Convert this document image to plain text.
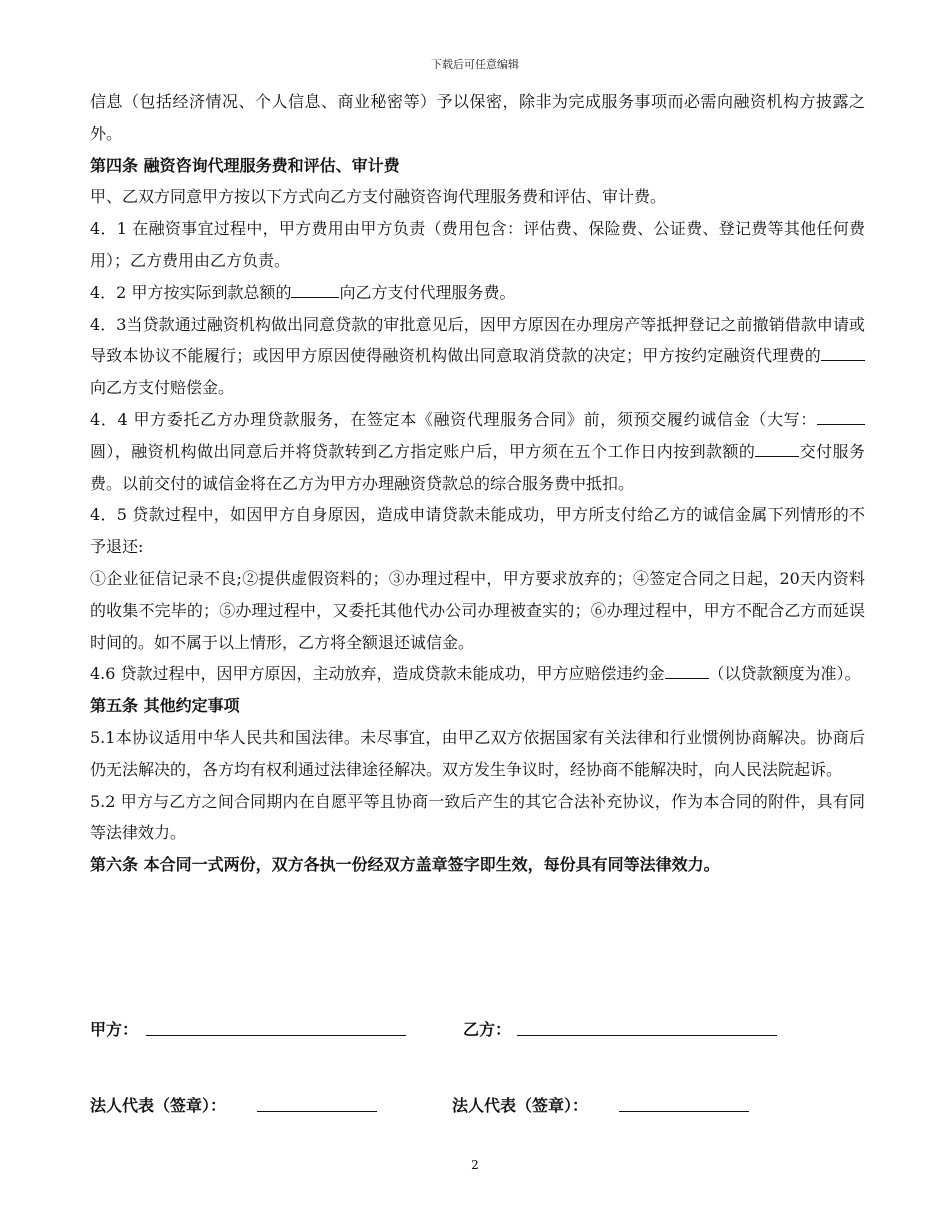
下载后可任意编辑

信息（包括经济情况、个人信息、商业秘密等）予以保密，除非为完成服务事项而必需向融资机构方披露之外。

第四条 融资咨询代理服务费和评估、审计费

甲、乙双方同意甲方按以下方式向乙方支付融资咨询代理服务费和评估、审计费。

4．1 在融资事宜过程中，甲方费用由甲方负责（费用包含：评估费、保险费、公证费、登记费等其他任何费用）；乙方费用由乙方负责。

4．2 甲方按实际到款总额的	向乙方支付代理服务费。

4．3当贷款通过融资机构做出同意贷款的审批意见后，因甲方原因在办理房产等抵押登记之前撤销借款申请或导致本协议不能履行；或因甲方原因使得融资机构做出同意取消贷款的决定；甲方按约定融资代理费的向乙方支付赔偿金。

4．4 甲方委托乙方办理贷款服务，在签定本《融资代理服务合同》前，须预交履约诚信金（大写：圆），融资机构做出同意后并将贷款转到乙方指定账户后，甲方须在五个工作日内按到款额的	交付服务费。以前交付的诚信金将在乙方为甲方办理融资贷款总的综合服务费中抵扣。

4．5 贷款过程中，如因甲方自身原因，造成申请贷款未能成功，甲方所支付给乙方的诚信金属下列情形的不予退还:

①企业征信记录不良;②提供虚假资料的；③办理过程中，甲方要求放弃的；④签定合同之日起，20天内资料的收集不完毕的；⑤办理过程中，又委托其他代办公司办理被查实的；⑥办理过程中，甲方不配合乙方而延误时间的。如不属于以上情形，乙方将全额退还诚信金。

4.6 贷款过程中，因甲方原因，主动放弃，造成贷款未能成功，甲方应赔偿违约金	（以贷款额度为准）。

第五条 其他约定事项

5.1本协议适用中华人民共和国法律。未尽事宜，由甲乙双方依据国家有关法律和行业惯例协商解决。协商后仍无法解决的，各方均有权利通过法律途径解决。双方发生争议时，经协商不能解决时，向人民法院起诉。

5.2 甲方与乙方之间合同期内在自愿平等且协商一致后产生的其它合法补充协议，作为本合同的附件，具有同等法律效力。

第六条 本合同一式两份，双方各执一份经双方盖章签字即生效，每份具有同等法律效力。

甲方：	乙方：
法人代表（签章）：	法人代表（签章）：
2
